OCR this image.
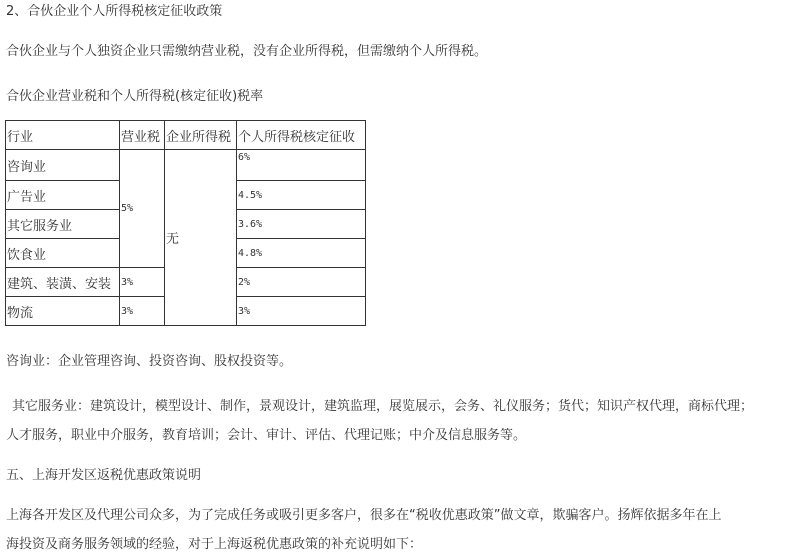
2、合伙企业个人所得税核定征收政策
合伙企业与个人独资企业只需缴纳营业税，没有企业所得税，但需缴纳个人所得税。
合伙企业营业税和个人所得税(核定征收)税率
行业	营业税	企业所得税	个人所得税核定征收
咨询业	5%	无	6%
广告业			4.5%
其它服务业			3.6%
饮食业			4.8%
建筑、装潢、安装	3%		2%
物流	3%		3%
咨询业：企业管理咨询、投资咨询、股权投资等。
其它服务业：建筑设计，模型设计、制作，景观设计，建筑监理，展览展示，会务、礼仪服务；货代；知识产权代理，商标代理；
人才服务，职业中介服务，教育培训；会计、审计、评估、代理记账；中介及信息服务等。
五、上海开发区返税优惠政策说明
上海各开发区及代理公司众多，为了完成任务或吸引更多客户，很多在“税收优惠政策”做文章，欺骗客户。扬辉依据多年在上
海投资及商务服务领域的经验，对于上海返税优惠政策的补充说明如下：
